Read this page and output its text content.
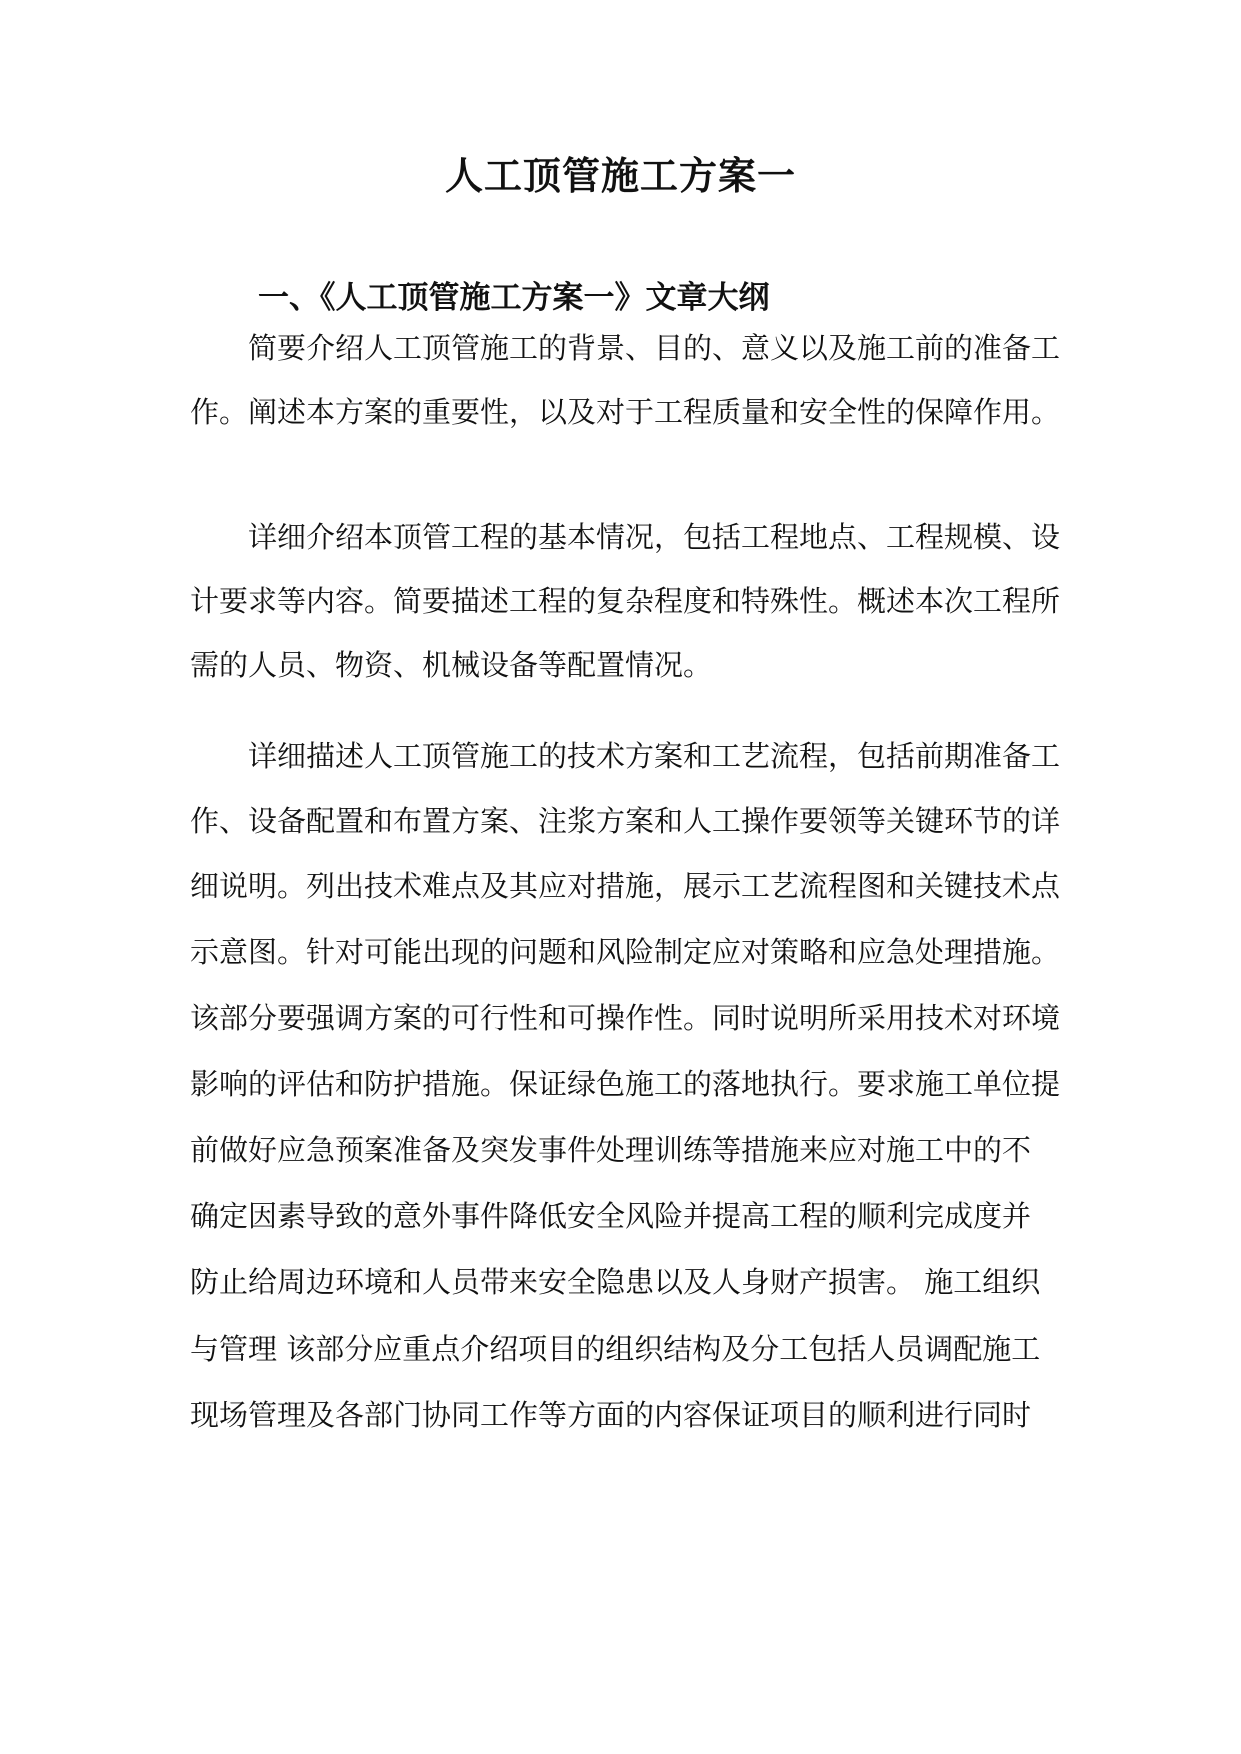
人工顶管施工方案一
一、《人工顶管施工方案一》文章大纲

简要介绍人工顶管施工的背景、目的、意义以及施工前的准备工

作。阐述本方案的重要性，以及对于工程质量和安全性的保障作用。

详细介绍本顶管工程的基本情况，包括工程地点、工程规模、设

计要求等内容。简要描述工程的复杂程度和特殊性。概述本次工程所

需的人员、物资、机械设备等配置情况。

详细描述人工顶管施工的技术方案和工艺流程，包括前期准备工

作、设备配置和布置方案、注浆方案和人工操作要领等关键环节的详

细说明。列出技术难点及其应对措施，展示工艺流程图和关键技术点

示意图。针对可能出现的问题和风险制定应对策略和应急处理措施。

该部分要强调方案的可行性和可操作性。同时说明所采用技术对环境

影响的评估和防护措施。保证绿色施工的落地执行。要求施工单位提

前做好应急预案准备及突发事件处理训练等措施来应对施工中的不

确定因素导致的意外事件降低安全风险并提高工程的顺利完成度并

防止给周边环境和人员带来安全隐患以及人身财产损害。 施工组织

与管理 该部分应重点介绍项目的组织结构及分工包括人员调配施工

现场管理及各部门协同工作等方面的内容保证项目的顺利进行同时
